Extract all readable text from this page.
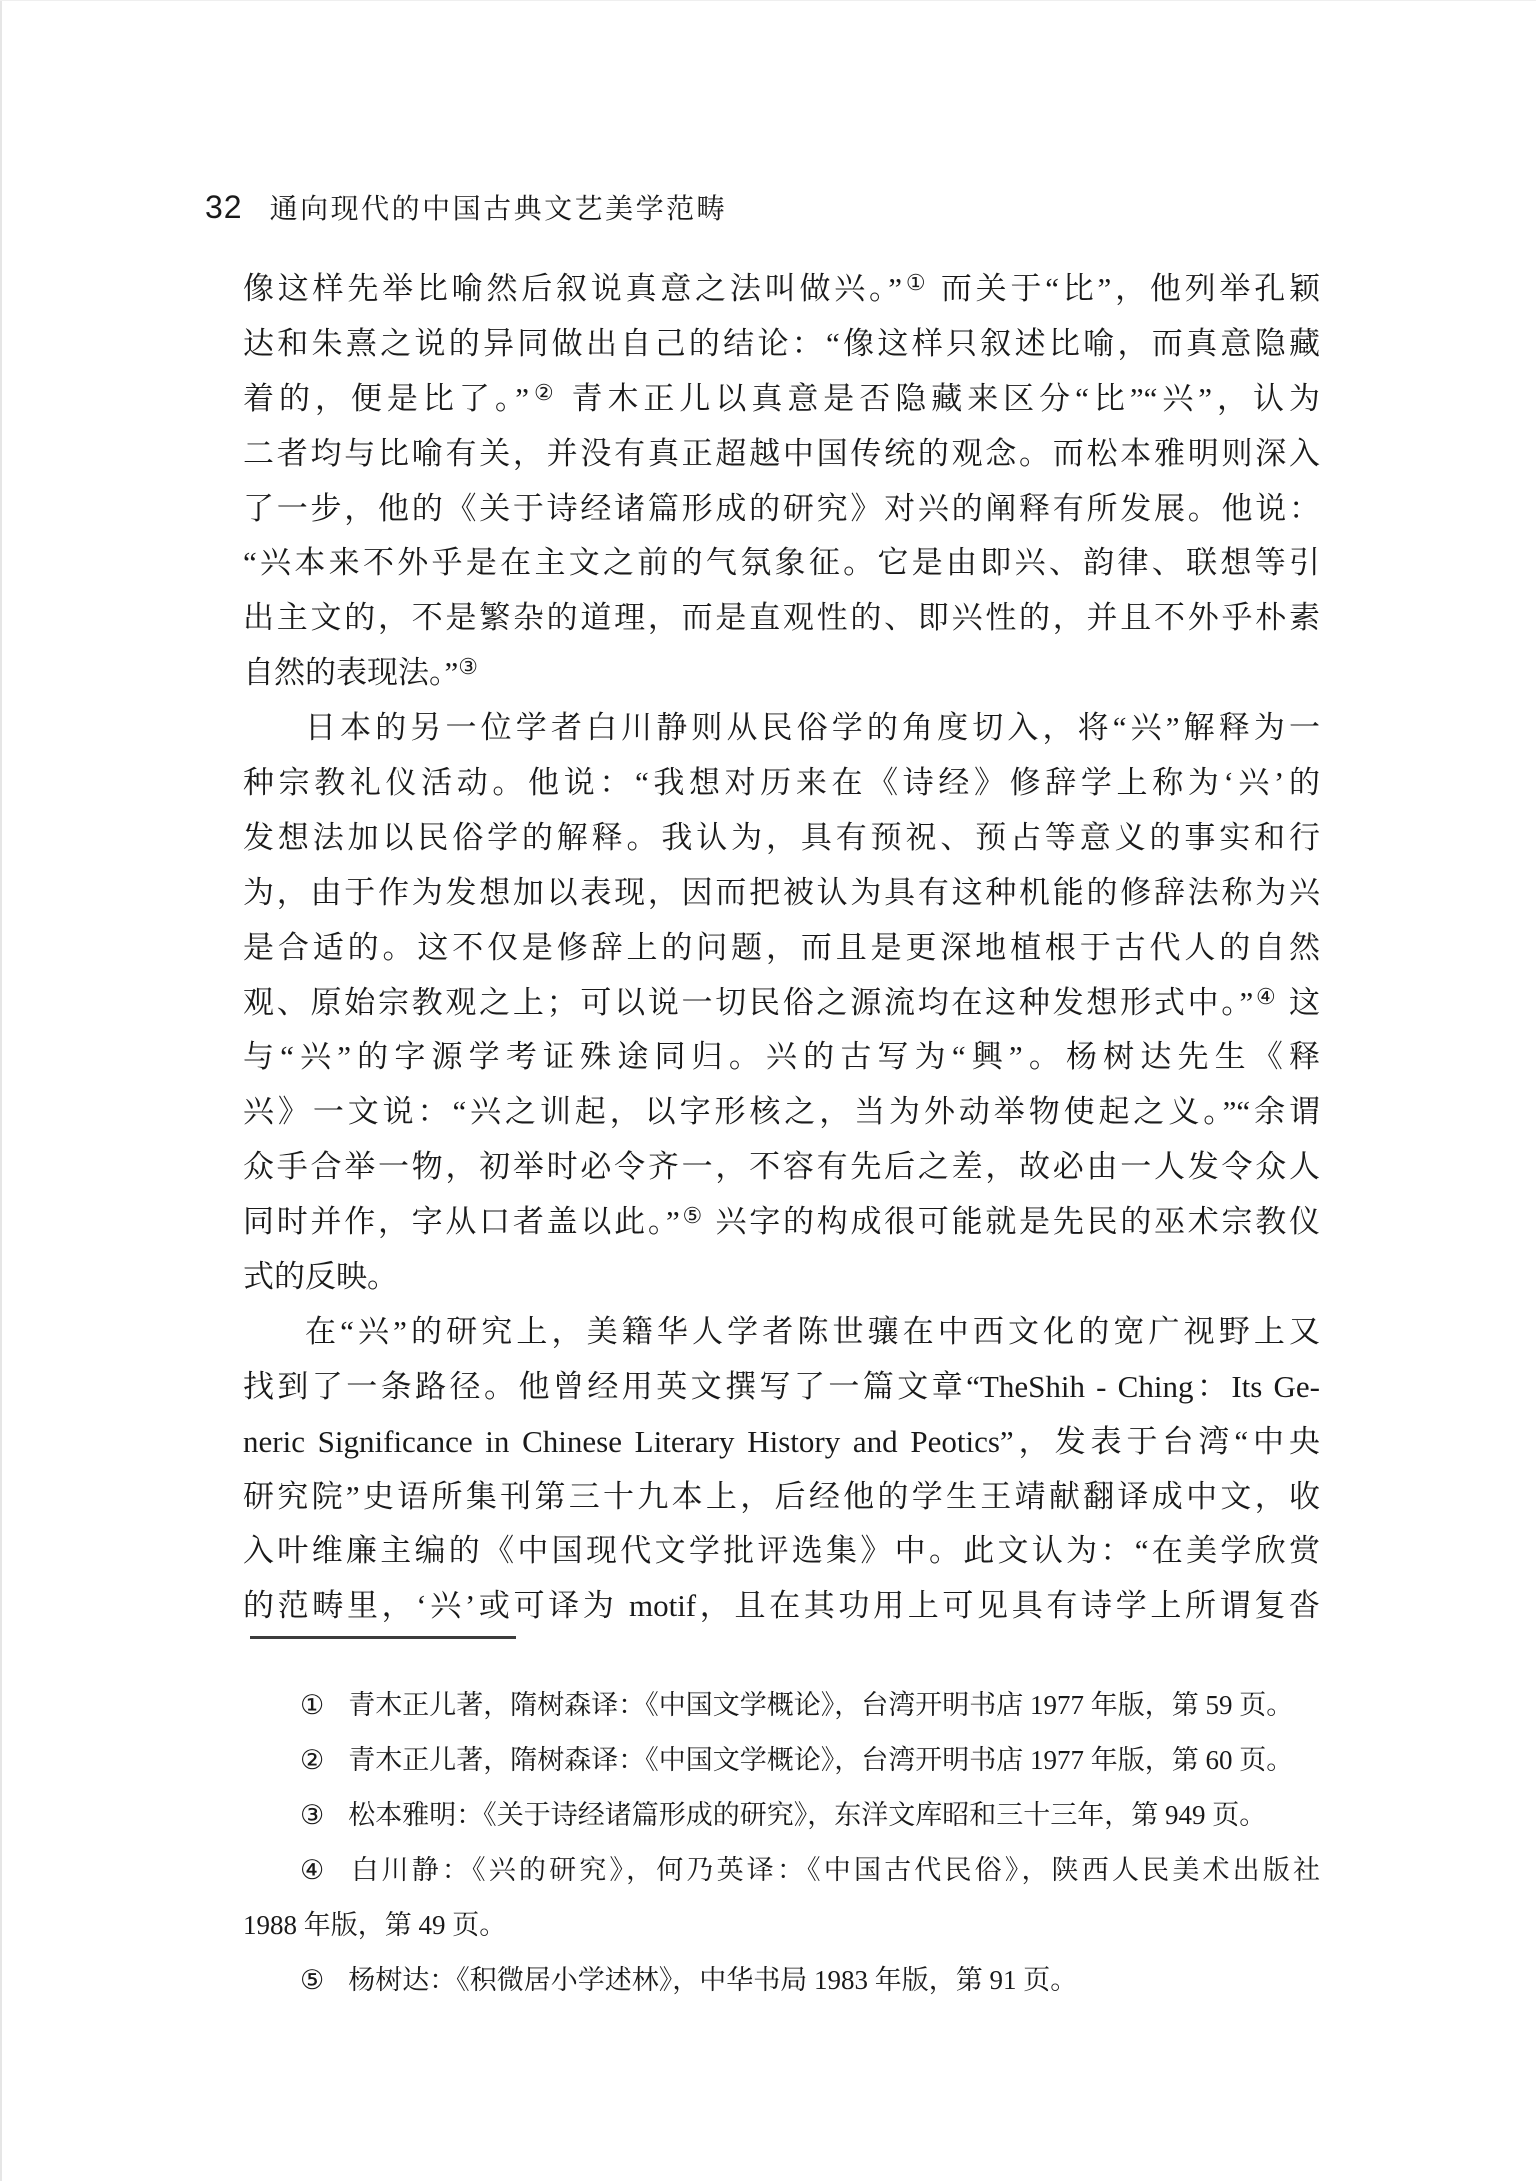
32 通向现代的中国古典文艺美学范畴
像这样先举比喻然后叙说真意之法叫做兴。”① 而关于“比”，他列举孔颖
达和朱熹之说的异同做出自己的结论：“像这样只叙述比喻，而真意隐藏
着的，便是比了。”② 青木正儿以真意是否隐藏来区分“比”“兴”，认为
二者均与比喻有关，并没有真正超越中国传统的观念。而松本雅明则深入
了一步，他的《关于诗经诸篇形成的研究》对兴的阐释有所发展。他说：
“兴本来不外乎是在主文之前的气氛象征。它是由即兴、韵律、联想等引
出主文的，不是繁杂的道理，而是直观性的、即兴性的，并且不外乎朴素
自然的表现法。”③
日本的另一位学者白川静则从民俗学的角度切入，将“兴”解释为一
种宗教礼仪活动。他说：“我想对历来在《诗经》修辞学上称为‘兴’的
发想法加以民俗学的解释。我认为，具有预祝、预占等意义的事实和行
为，由于作为发想加以表现，因而把被认为具有这种机能的修辞法称为兴
是合适的。这不仅是修辞上的问题，而且是更深地植根于古代人的自然
观、原始宗教观之上；可以说一切民俗之源流均在这种发想形式中。”④ 这
与“兴”的字源学考证殊途同归。兴的古写为“興”。杨树达先生《释
兴》一文说：“兴之训起，以字形核之，当为外动举物使起之义。”“余谓
众手合举一物，初举时必令齐一，不容有先后之差，故必由一人发令众人
同时并作，字从口者盖以此。”⑤ 兴字的构成很可能就是先民的巫术宗教仪
式的反映。
在“兴”的研究上，美籍华人学者陈世骧在中西文化的宽广视野上又
找到了一条路径。他曾经用英文撰写了一篇文章“TheShih - Ching：Its Ge-
neric Significance in Chinese Literary History and Peotics”，发表于台湾“中央
研究院”史语所集刊第三十九本上，后经他的学生王靖献翻译成中文，收
入叶维廉主编的《中国现代文学批评选集》中。此文认为：“在美学欣赏
的范畴里，‘兴’或可译为 motif，且在其功用上可见具有诗学上所谓复沓
① 青木正儿著，隋树森译：《中国文学概论》，台湾开明书店 1977 年版，第 59 页。
② 青木正儿著，隋树森译：《中国文学概论》，台湾开明书店 1977 年版，第 60 页。
③ 松本雅明：《关于诗经诸篇形成的研究》，东洋文库昭和三十三年，第 949 页。
④ 白川静：《兴的研究》，何乃英译：《中国古代民俗》，陕西人民美术出版社
1988 年版，第 49 页。
⑤ 杨树达：《积微居小学述林》，中华书局 1983 年版，第 91 页。
